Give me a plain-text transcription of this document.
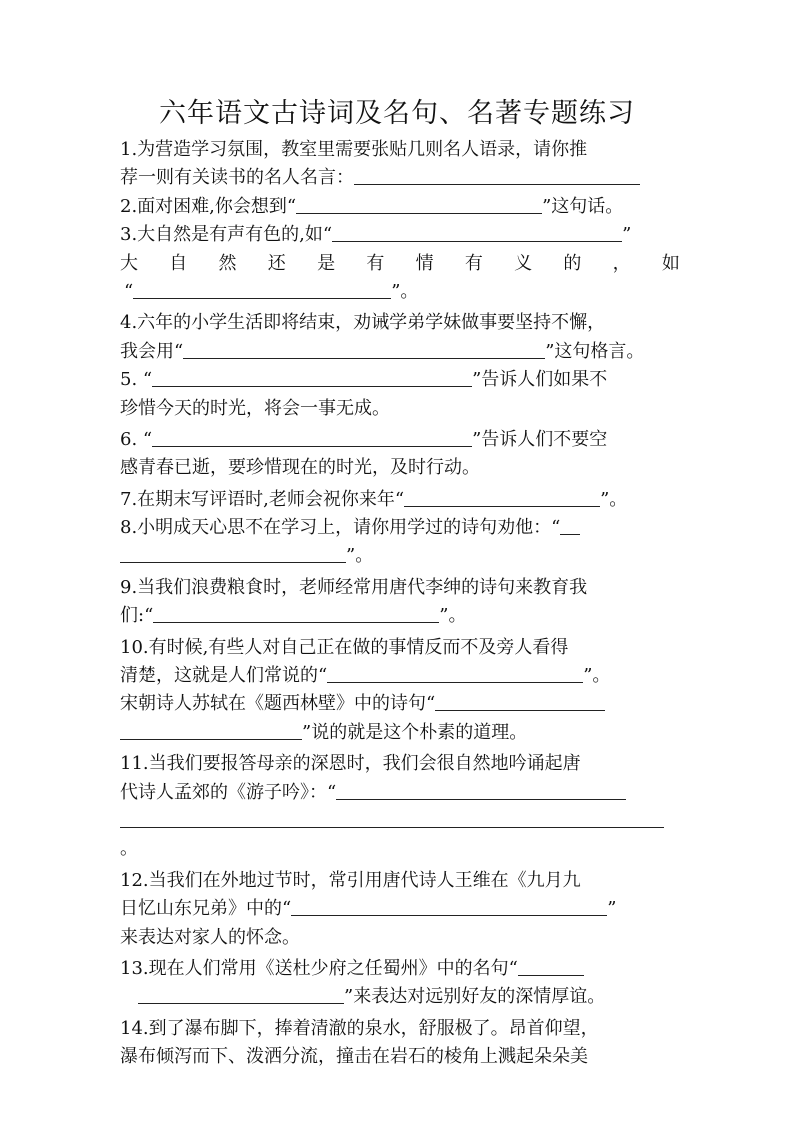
六年语文古诗词及名句、名著专题练习
1.为营造学习氛围，教室里需要张贴几则名人语录，请你推
荐一则有关读书的名人名言：
2.面对困难,你会想到“	”这句话。
3.大自然是有声有色的,如“	”
大 自 然 还 是 有 情 有 义 的 ， 如
“	”。
4.六年的小学生活即将结束，劝诫学弟学妹做事要坚持不懈，
我会用“	”这句格言。
5. “	”告诉人们如果不
珍惜今天的时光，将会一事无成。
6. “	”告诉人们不要空
感青春已逝，要珍惜现在的时光，及时行动。
7.在期末写评语时,老师会祝你来年“	”。
8.小明成天心思不在学习上，请你用学过的诗句劝他：“
”。
9.当我们浪费粮食时，老师经常用唐代李绅的诗句来教育我
们:“	”。
10.有时候,有些人对自己正在做的事情反而不及旁人看得
清楚，这就是人们常说的“	”。
宋朝诗人苏轼在《题西林壁》中的诗句“
”说的就是这个朴素的道理。
11.当我们要报答母亲的深恩时，我们会很自然地吟诵起唐
代诗人孟郊的《游子吟》：“
。
12.当我们在外地过节时，常引用唐代诗人王维在《九月九
日忆山东兄弟》中的“	”
来表达对家人的怀念。
13.现在人们常用《送杜少府之任蜀州》中的名句“
”来表达对远别好友的深情厚谊。
14.到了瀑布脚下，捧着清澈的泉水，舒服极了。昂首仰望，
瀑布倾泻而下、泼洒分流，撞击在岩石的棱角上溅起朵朵美
